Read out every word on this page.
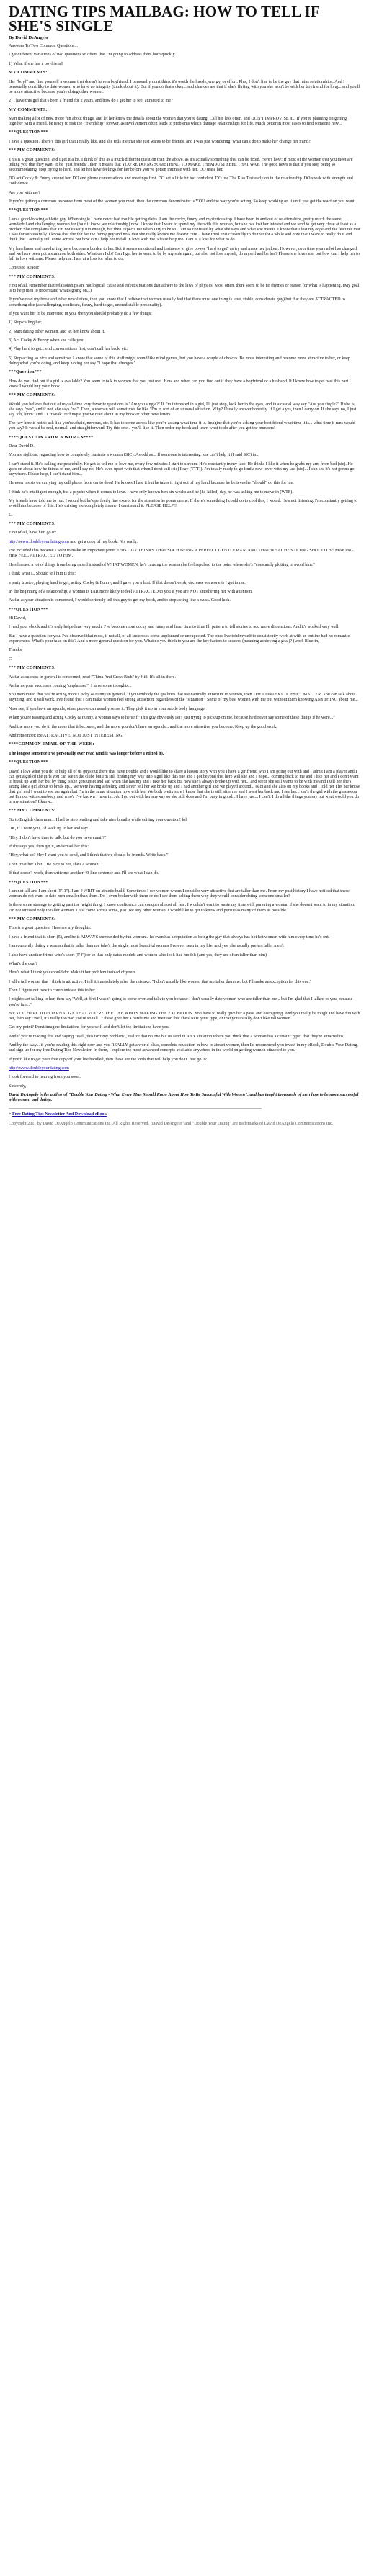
DATING TIPS MAILBAG: HOW TO TELL IF SHE'S SINGLE
By David DeAngelo

Answers To Two Common Questions...

I get different variations of two questions so often, that I'm going to address them both quickly.

1) What if she has a boyfriend?

MY COMMENTS:

Her "boyf" and find yourself a woman that doesn't have a boyfriend. I personally don't think it's worth the hassle, energy, or effort. Plus, I don't like to be the guy that ruins relationships. And I personally don't like to date women who have no integrity (think about it). But if you do that's okay... and chances are that if she's flirting with you she won't be with her boyfriend for long... and you'll be more attractive because you're doing other women.

2) I have this girl that's been a friend for 2 years, and how do I get her to feel attracted to me?

MY COMMENTS:

Start making a lot of new, more fun about things, and let her know the details about the women that you're dating. Call her less often, and DON'T IMPROVISE it... If you're planning on getting together with a friend, be ready to risk the "friendship" forever, as involvement often leads to problems which damage relationships for life. Much better in most cases to find someone new...

***QUESTION***

I have a question. There's this girl that I really like, and she tells me that she just wants to be friends, and I was just wondering, what can I do to make her change her mind?

*** MY COMMENTS:

This is a great question, and I get it a lot. I think of this as a much different question than the above, as it's actually something that can be fixed. Here's how: If most of the women that you meet are telling you that they want to be "just friends", then it means that YOU'RE DOING SOMETHING TO MAKE THEM JUST FEEL THAT WAY. The good news is that if you stop being so accommodating, stop trying to hard, and let her have feelings for her before you've gotten intimate with her, DO tease her.

DO act Cocky & Funny around her. DO end phone conversations and meetings first. DO act a little bit too confident. DO use The Kiss Test early on in the relationship. DO speak with strength and confidence.

Are you with me?

If you're getting a common response from most of the women you meet, then the common denominator is YOU and the way you're acting. So keep working on it until you get the reaction you want.

***QUESTION***

I am a good-looking athletic guy. When single I have never had trouble getting dates. I am the cocky, funny and mysterious top. I have been in and out of relationships, pretty much the same wonderful and challenging woman for (four if know we relationship) now. I know that I want to spend my life with this woman, but she has lost her interest and we tend to get very close at least as a brother. She complains that I'm not exactly fun enough, but then expects me when I try to be so. I am so confused by what she says and what she means. I know that I lost my edge and the features that I was for successfully. I know that she felt for the funny guy and now that she really knows me doesn't care. I have tried unsuccessfully to do that for a while and now that I want to really do it and think that I actually still come across, but how can I help her to fall in love with me. Please help me. I am at a loss for what to do.

My loneliness and smothering have become a burden to her. But it seems emotional and insincere to give power "hard to get" as try and make her jealous. However, over time years a lot has changed, and we have been put a strain on both sides. What can I do? Can I get her to want to be by my side again, but also not lose myself, do myself and be her? Please she loves me, but how can I help her to fall in love with me. Please help me. I am at a loss for what to do.

Confused Reader

*** MY COMMENTS:

First of all, remember that relationships are not logical, cause and effect situations that adhere to the laws of physics. Most often, there seem to be no rhymes or reason for what is happening. (My goal is to help men to understand what's going on...)

If you've read my book and other newsletters, then you know that I believe that women usually feel that there must one thing is love, stable, considerate guy) but that they are ATTRACTED to something else (a challenging, confident, funny, hard to get, unpredictable personality).

If you want her to be interested in you, then you should probably do a few things:

1) Stop calling her.

2) Start dating other women, and let her know about it.

3) Act Cocky & Funny when she calls you.

4) Play hard to get... end conversations first, don't call her back, etc.

5) Stop acting so nice and sensitive. I know that some of this stuff might sound like mind games, but you have a couple of choices. Be more interesting and become more attractive to her, or keep doing what you're doing, and keep having her say "I hope that changes."

***Question***

How do you find out if a girl is available? You seem to talk to women that you just met. How and when can you find out if they have a boyfriend or a husband. If I knew how to get past this part I know I would buy your book.

*** MY COMMENTS:

Would you believe that out of my all-time very favorite questions is "Are you single?" If I'm interested in a girl, I'll just stop, look her in the eyes, and in a casual way say "Are you single?" If she is, she says "yes", and if not, she says "no". Then, a woman will sometimes be like "I'm in sort of an unusual situation. Why? Usually answer honestly. If I get a yes, then I carry on. If she says no, I just say "oh, hmm" and... I "tweak" technique you've read about in my book or other newsletters.

The key here is not to ask like you're afraid, nervous, etc. It has to come across like you're asking what time it is. Imagine that you're asking your best friend what time it is... what time it runs would you say? It would be real, normal, and straightforward. Try this one... you'll like it. Then order my book and learn what to do after you get the numbers!

****QUESTION FROM A WOMAN****

Dear David D.,

You are right on, regarding how to completely frustrate a woman (SIC). As odd as... If someone is interesting, she can't help it (I said SIC) in...

I can't stand it. He's calling me peacefully. He got to tell me to love me, every few minutes I start to scream. He's constantly in my face. He thinks I like it when he grabs my arm from bed (sic). He goes on about how he thinks of me, and I say no. He's even upset with that when I don't call (sic) I say (TTT!). I'm totally ready to go find a new lover with my last (sic)... I can see it's not gonna go anywhere. Please help, I can't stand him...

He even insists on carrying my cell phone from car to door! He knows I hate it but he takes it right out of my hand because he believes he "should" do this for me.

I think he's intelligent enough, but a psycho when it comes to love. I have only known him six weeks and he (he-killed) day, he was asking me to move in (WTF).

My friends have told me to run. I would but he's perfectly fine except for the attention he pours on me. If there's something I could do to cool this, I would. He's not listening. I'm constantly getting to avoid him because of this. He's driving me completely insane. I can't stand it. PLEASE HELP!!

L.

*** MY COMMENTS:

First of all, have him go to:

http://www.doubleyourdating.com and get a copy of my book. No, really.

I've included this because I want to make an important point: THIS GUY THINKS THAT SUCH BEING A PERFECT GENTLEMAN, AND THAT WHAT HE'S DOING SHOULD BE MAKING HER FEEL ATTRACTED TO HIM.

He's learned a lot of things from being raised instead of WHAT WOMEN, he's causing the woman he feel repulsed to the point where she's "constantly plotting to avoid him."

I think what L. Should tell him is this:

a party trustee, playing hard to get, acting Cocky & Funny, and I gave you a hint. If that doesn't work, decrease someone is I got in me.

In the beginning of a relationship, a woman is FAR more likely to feel ATTRACTED to you if you are NOT smothering her with attention.

As far as your situation is concerned, I would seriously tell this guy to get my book, and to stop acting like a wuss. Good luck.

***QUESTION***

Hi David,

I read your ebook and it's truly helped me very much. I've become more cocky and funny and from time to time I'll pattern to tell stories to add more dimensions. And it's worked very well.

But I have a question for you. I've observed that most, if not all, of all successes come unplanned or unexpected. The ones I've told myself to consistently work at with an outline had no romantic experiences! What's your take on this? And a more general question for you. What do you think to you are the key factors to success (meaning achieving a goal)? (work Bluefin,

Thanks,

C

*** MY COMMENTS:

As far as success in general is concerned, read "Think And Grow Rich" by Hill. It's all in there.

As far as your successes coming "unplanned", I have some thoughts...

You mentioned that you're acting more Cocky & Funny in general. If you embody the qualities that are naturally attractive to women, then THE CONTEXT DOESN'T MATTER. You can talk about anything, and it will work. I've found that I can make women feel strong attraction, regardless of the "situation". Some of my best women with me out without them knowing ANYTHING about me...

Now see, if you have an agenda, other people can usually sense it. They pick it up in your subtle body language.

When you're teasing and acting Cocky & Funny, a woman says to herself "This guy obviously isn't just trying to pick up on me, because he'd never say some of these things if he were..."

And the more you do it, the more that it becomes, and the more you don't have an agenda... and the more attractive you become. Keep up the good work.

And remember: Be ATTRACTIVE, NOT JUST INTERESTING.

****COMMON EMAIL OF THE WEEK:

The longest sentence I've personally ever read (and it was longer before I edited it).

***QUESTION***

David I love what you do to help all of us guys out there that have trouble and I would like to share a lesson story with you I have a girlfriend who I am going out with and I admit I am a player and I can get a girl of the girls you can see in the clubs but I'm still finding my way into a girl like this one and I got beyond that here will she and I hope... coming back to me and I like her and I don't want to break up with her but by thing is she gets upset and sad when she has my and I take her back but now she's always broke up with her... and see if she still wants to be with me and I tell her she's acting like a girl about to break up... we were having a feeling and I ever tell her we broke up and I had another girl and we played around... (sic) and she also on my books and I told her I let her know that girl and I want to see her again but I'm in the same situation now with her. We both pretty sure I know that she is still after me and I want her back and I see her... she's the girl with the glasses on but I'm out with somebody and who's I've known I have in... do I go out with her anyway so she still does and I'm busy in good... I have just... I can't. I do all the things you say but what would you do in my situation? I know...

*** MY COMMENTS:

Go to English class man... I had to stop reading and take nine breaths while editing your question! lol

OK, if I were you, I'd walk up to her and say:

"Hey, I don't have time to talk, but do you have email?"

If she says yes, then get it, and email her this:

"Hey, what up? Hey I want you to send, and I think that we should be friends. Write back."

Then treat her a bit... Be nice to her, she's a woman:

If that doesn't work, then write me another 49-line sentence and I'll see what I can do.

***QUESTION***

I am not tall and I am short (5'11"). I am ? WRIT on athletic build. Sometimes I see women whom I consider very attractive that are taller than me. From my past history I have noticed that these women do not want to date men smaller than them. Do I even bother with them or do I see them asking them why they would consider dating someone smaller?

Is there some strategy to getting past the height thing. I know confidence can conquer almost all fear. I wouldn't want to waste my time with pursuing a woman if she doesn't want to in my situation. I'm not stressed only to taller women. I just come across some, just like any other woman. I would like to get to know and pursue as many of them as possible.

*** MY COMMENTS:

This is a great question! Here are my thoughts:

I have a friend that is short (5), and he is ALWAYS surrounded by fun women... he even has a reputation as being the guy that always has hot hot women with him every time he's out.

I am currently dating a woman that is taller than me (she's the single most beautiful woman I've ever seen in my life, and yes, she usually prefers taller men).

I also have another friend who's short (5'4") or so that only dates models and women who look like models (and yes, they are often taller than him).

What's the deal?

Here's what I think you should do: Make it her problem instead of yours.

I tell a tall woman that I think is attractive, I tell it immediately after the mistake: "I don't usually like women that are taller than me, but I'll make an exception for this one."

Then I figure out how to communicate this to her...

I might start talking to her, then say "Well, at first I wasn't going to come over and talk to you because I don't usually date women who are taller than me... but I'm glad that I talked to you, because you're fun..."

But YOU HAVE TO INTERNALIZE THAT YOU'RE THE ONE WHO'S MAKING THE EXCEPTION. You have to really give her a pass, and keep going. And you really be tough and have fun with her, then say "Well, it's really too bad you're so tall..." these give her a hard time and mention that she's NOT your type, or that you usually don't like tall women...

Get my point? Don't imagine limitations for yourself, and don't let the limitations have you.

And if you're reading this and saying "Well, this isn't my problem", realize that no one but us send in ANY situation where you think that a woman has a certain "type" that they're attracted to.

And by the way... if you're reading this right now and you REALLY get a world-class, complete education in how to attract women, then I'd recommend you invest in my eBook, Double Your Dating, and sign up for my free Dating Tips Newsletter. In them, I explore the most advanced concepts available anywhere in the world on getting women attracted to you.

If you'd like to get your free copy of your life handled, then these are the tools that will help you do it. Just go to:

http://www.doubleyourdating.com

I look forward to hearing from you soon.

Sincerely,

David DeAngelo is the author of "Double Your Dating - What Every Man Should Know About How To Be Successful With Women", and has taught thousands of men how to be more successful with women and dating.

> Free Dating Tips Newsletter And Download eBook

Copyright 2011 by David DeAngelo Communications Inc. All Rights Reserved. "David DeAngelo" and "Double Your Dating" are trademarks of David DeAngelo Communications Inc.
